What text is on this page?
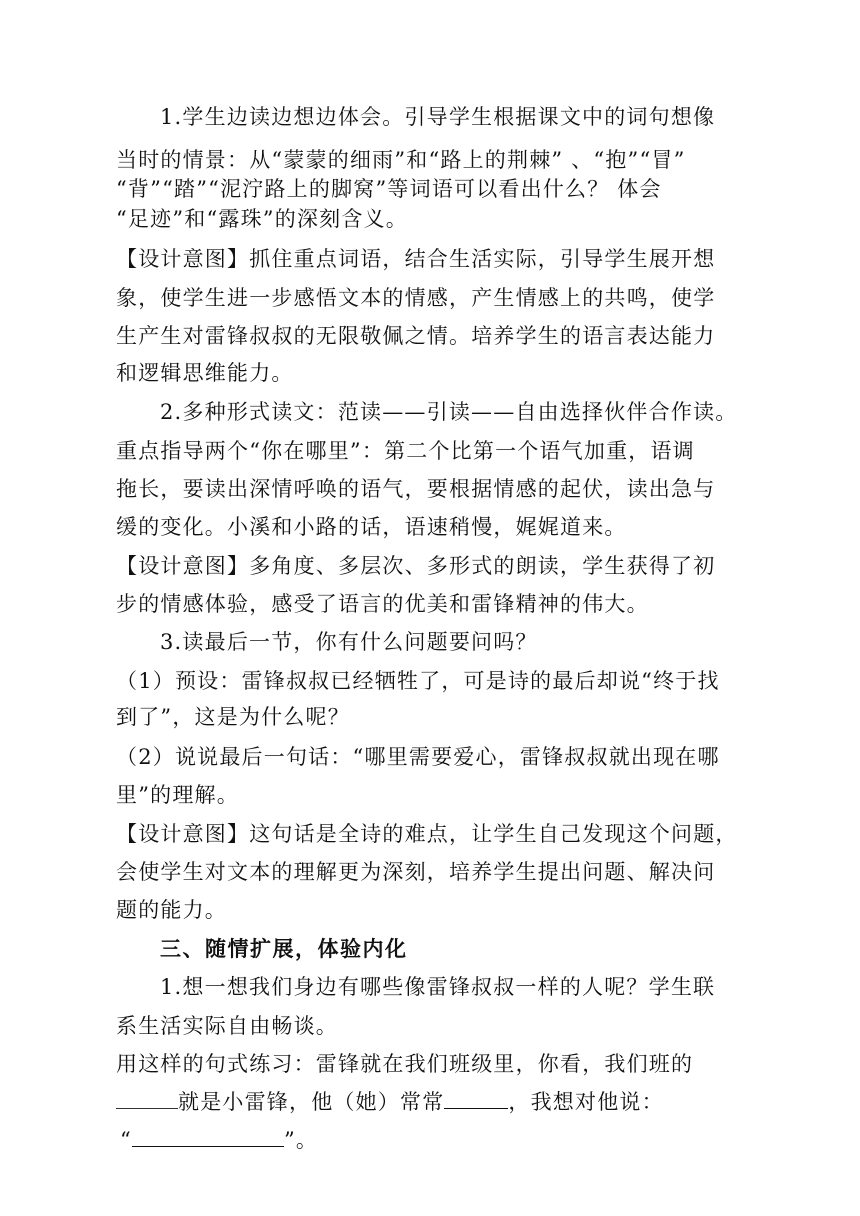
1.学生边读边想边体会。引导学生根据课文中的词句想像
当时的情景：从“蒙蒙的细雨”和“路上的荆棘” 、“抱”“冒”
“背”“踏”“泥泞路上的脚窝”等词语可以看出什么？ 体会
“足迹”和“露珠”的深刻含义。
【设计意图】抓住重点词语，结合生活实际，引导学生展开想
象，使学生进一步感悟文本的情感，产生情感上的共鸣，使学
生产生对雷锋叔叔的无限敬佩之情。培养学生的语言表达能力
和逻辑思维能力。
2.多种形式读文：范读——引读——自由选择伙伴合作读。
重点指导两个“你在哪里”：第二个比第一个语气加重，语调
拖长，要读出深情呼唤的语气，要根据情感的起伏，读出急与
缓的变化。小溪和小路的话，语速稍慢，娓娓道来。
【设计意图】多角度、多层次、多形式的朗读，学生获得了初
步的情感体验，感受了语言的优美和雷锋精神的伟大。
3.读最后一节，你有什么问题要问吗？
（1）预设：雷锋叔叔已经牺牲了，可是诗的最后却说“终于找
到了”，这是为什么呢？
（2）说说最后一句话：“哪里需要爱心，雷锋叔叔就出现在哪
里”的理解。
【设计意图】这句话是全诗的难点，让学生自己发现这个问题，
会使学生对文本的理解更为深刻，培养学生提出问题、解决问
题的能力。
三、随情扩展，体验内化
1.想一想我们身边有哪些像雷锋叔叔一样的人呢？学生联
系生活实际自由畅谈。
用这样的句式练习：雷锋就在我们班级里，你看，我们班的
就是小雷锋，他（她）常常	，我想对他说：
“	”。
